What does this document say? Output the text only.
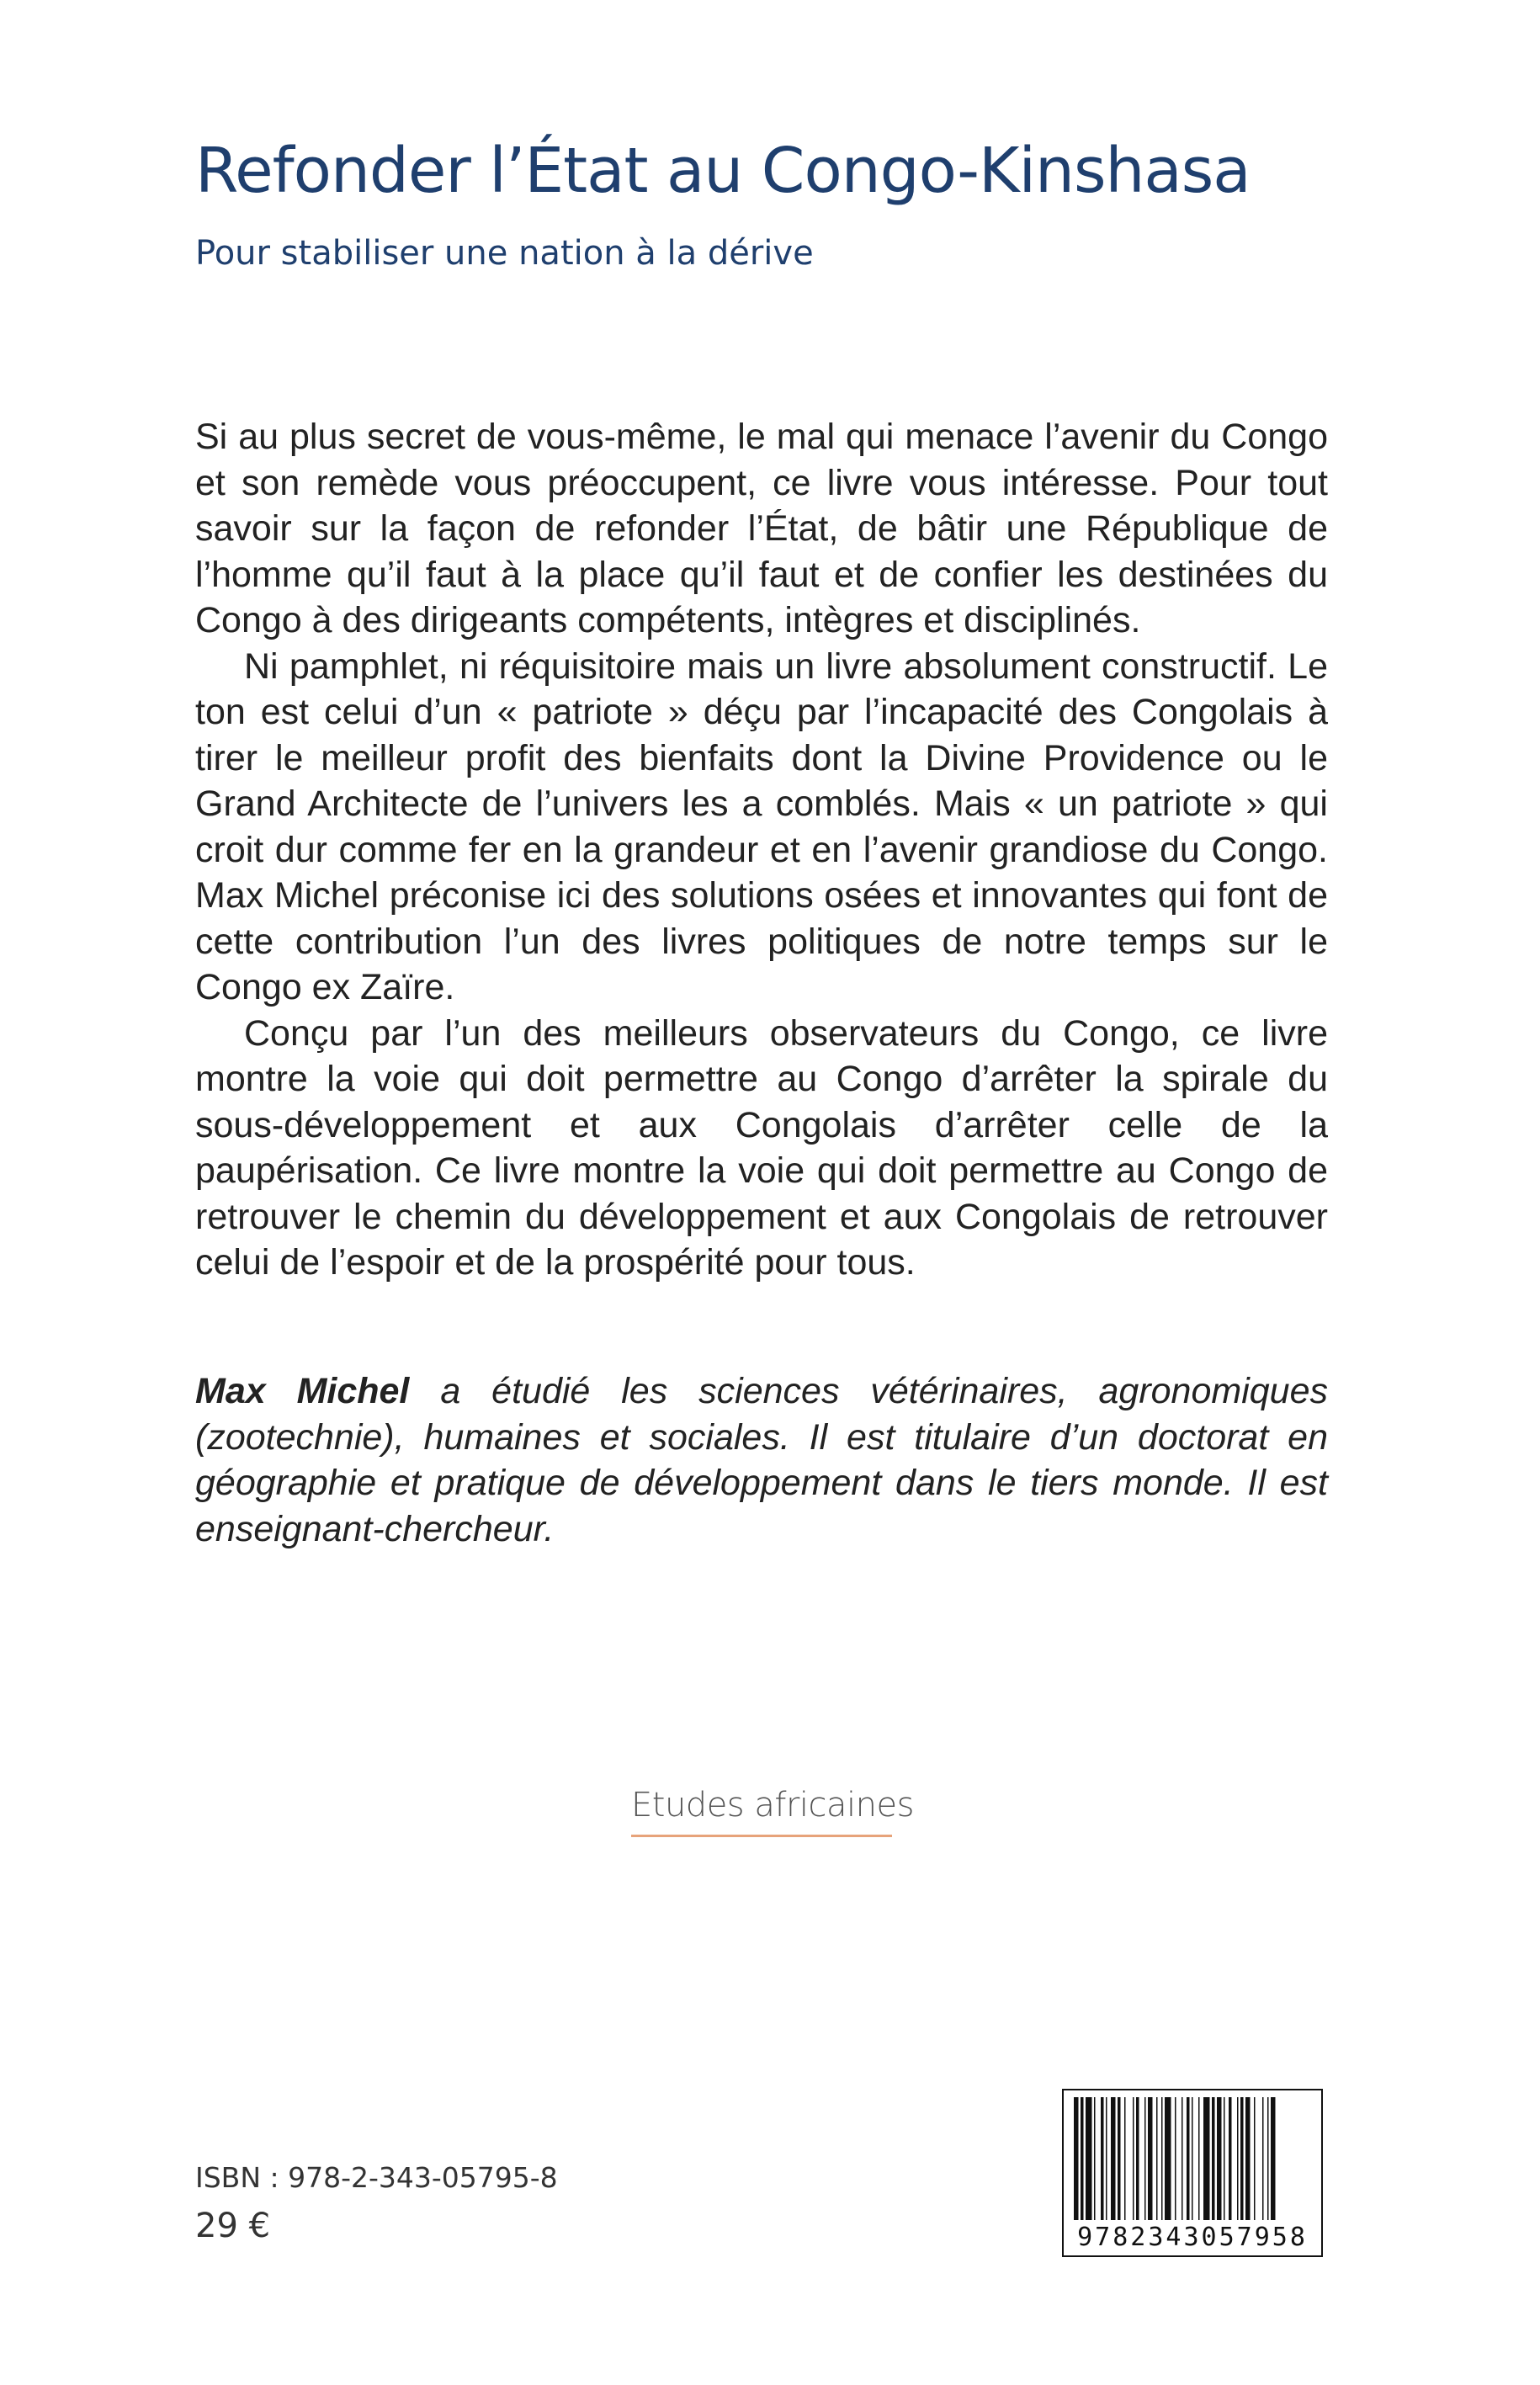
Refonder l’État au Congo-Kinshasa
Pour stabiliser une nation à la dérive

Si au plus secret de vous-même, le mal qui menace l’avenir du Congo et son remède vous préoccupent, ce livre vous intéresse. Pour tout savoir sur la façon de refonder l’État, de bâtir une République de l’homme qu’il faut à la place qu’il faut et de confier les destinées du Congo à des dirigeants compétents, intègres et disciplinés.

Ni pamphlet, ni réquisitoire mais un livre absolument constructif. Le ton est celui d’un « patriote » déçu par l’incapacité des Congolais à tirer le meilleur profit des bienfaits dont la Divine Providence ou le Grand Architecte de l’univers les a comblés. Mais « un patriote » qui croit dur comme fer en la grandeur et en l’avenir grandiose du Congo. Max Michel préconise ici des solutions osées et innovantes qui font de cette contribution l’un des livres politiques de notre temps sur le Congo ex Zaïre.

Conçu par l’un des meilleurs observateurs du Congo, ce livre montre la voie qui doit permettre au Congo d’arrêter la spirale du sous-développement et aux Congolais d’arrêter celle de la paupérisation. Ce livre montre la voie qui doit permettre au Congo de retrouver le chemin du développement et aux Congolais de retrouver celui de l’espoir et de la prospérité pour tous.

Max Michel a étudié les sciences vétérinaires, agronomiques (zootechnie), humaines et sociales. Il est titulaire d’un doctorat en géographie et pratique de développement dans le tiers monde. Il est enseignant-chercheur.

Etudes africaines
ISBN : 978-2-343-05795-8
29 €	9782343057958
